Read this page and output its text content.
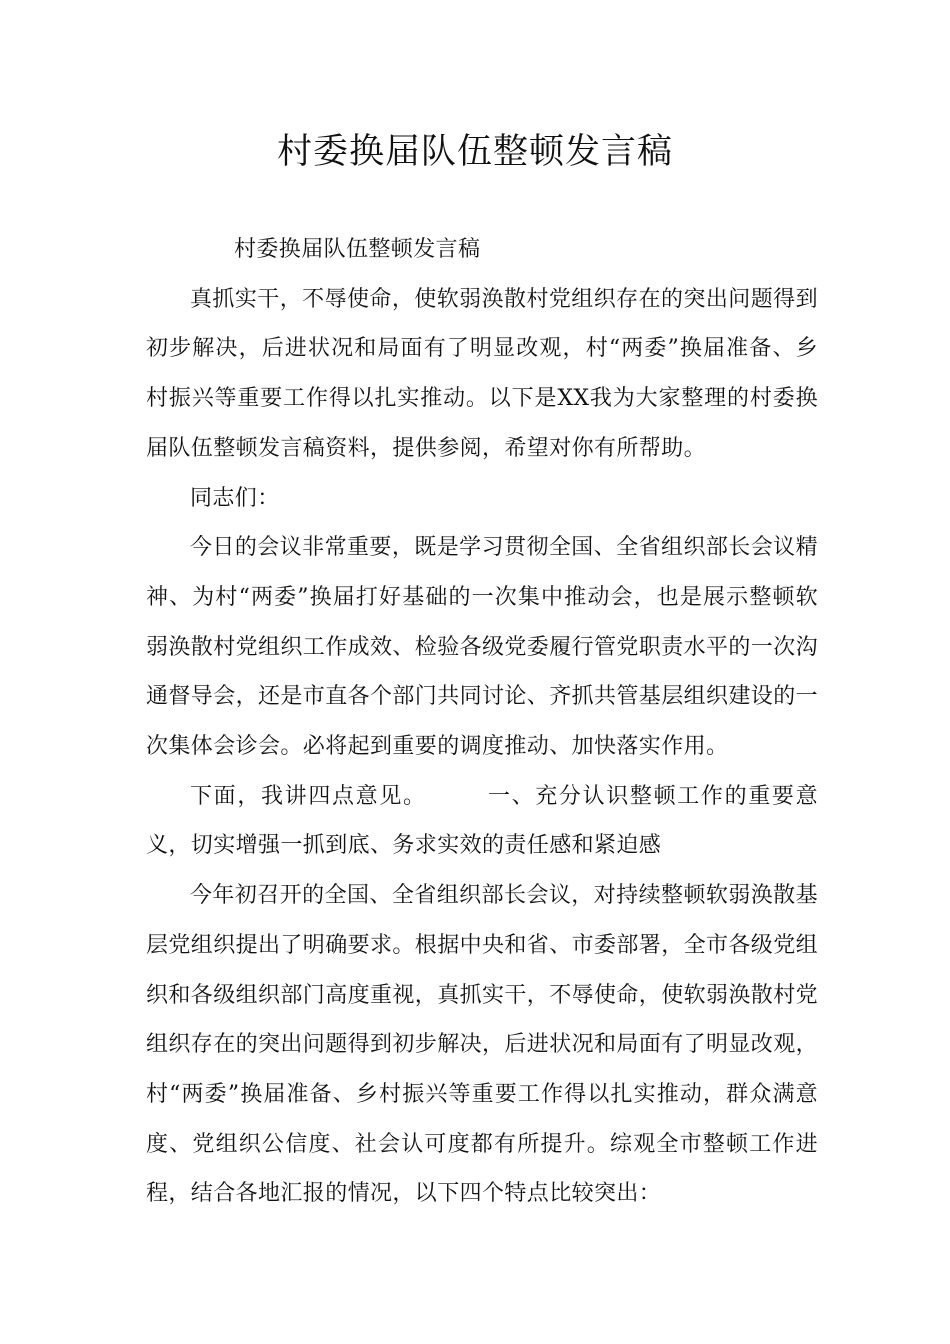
村委换届队伍整顿发言稿

村委换届队伍整顿发言稿

真抓实干，不辱使命，使软弱涣散村党组织存在的突出问题得到初步解决，后进状况和局面有了明显改观，村“两委”换届准备、乡村振兴等重要工作得以扎实推动。以下是XX我为大家整理的村委换届队伍整顿发言稿资料，提供参阅，希望对你有所帮助。

同志们：

今日的会议非常重要，既是学习贯彻全国、全省组织部长会议精神、为村“两委”换届打好基础的一次集中推动会，也是展示整顿软弱涣散村党组织工作成效、检验各级党委履行管党职责水平的一次沟通督导会，还是市直各个部门共同讨论、齐抓共管基层组织建设的一次集体会诊会。必将起到重要的调度推动、加快落实作用。

下面，我讲四点意见。	一、充分认识整顿工作的重要意义，切实增强一抓到底、务求实效的责任感和紧迫感

今年初召开的全国、全省组织部长会议，对持续整顿软弱涣散基层党组织提出了明确要求。根据中央和省、市委部署，全市各级党组织和各级组织部门高度重视，真抓实干，不辱使命，使软弱涣散村党组织存在的突出问题得到初步解决，后进状况和局面有了明显改观，村“两委”换届准备、乡村振兴等重要工作得以扎实推动，群众满意度、党组织公信度、社会认可度都有所提升。综观全市整顿工作进程，结合各地汇报的情况，以下四个特点比较突出：
